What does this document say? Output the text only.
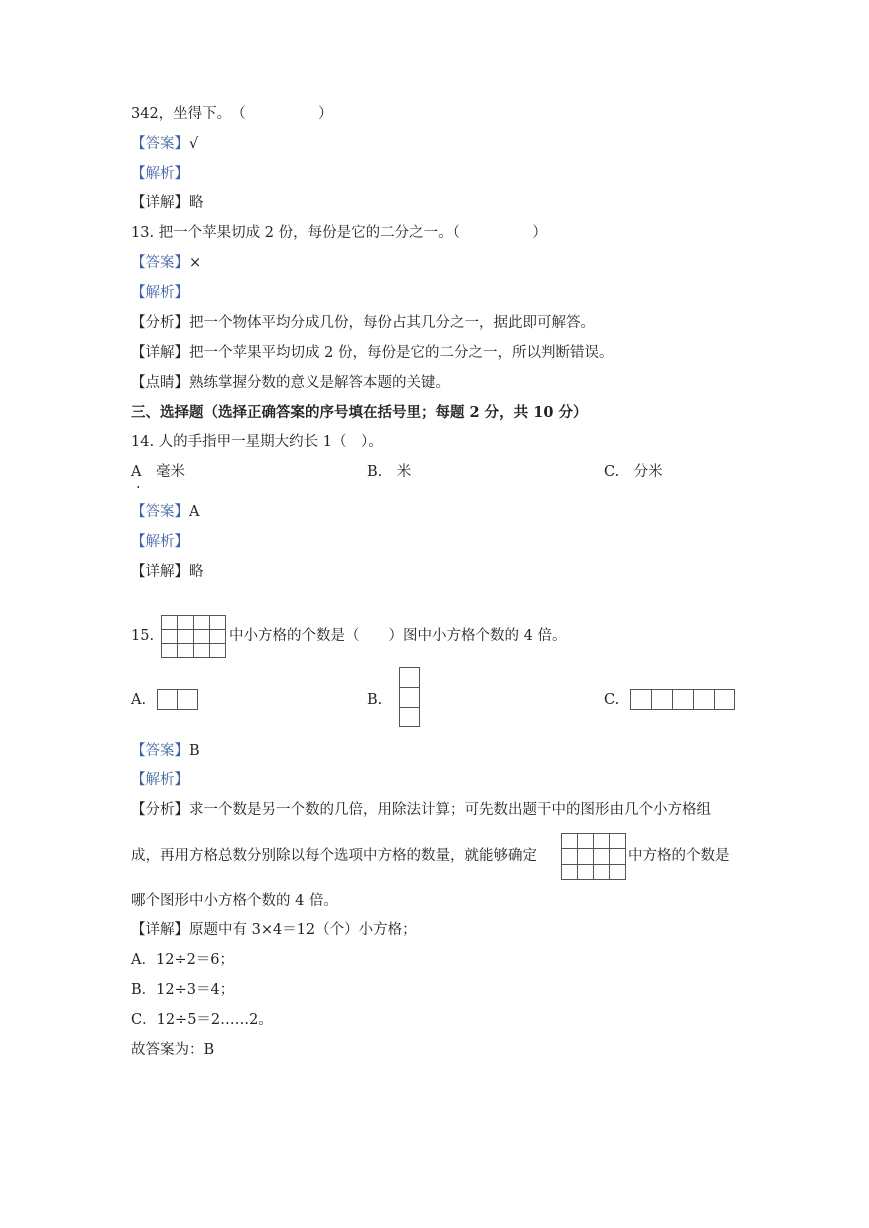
342，坐得下。　（　　　　　）
【答案】√
【解析】
【详解】略
13. 把一个苹果切成 2 份，每份是它的二分之一。（　　　　　）
【答案】×
【解析】
【分析】把一个物体平均分成几份，每份占其几分之一，据此即可解答。
【详解】把一个苹果平均切成 2 份，每份是它的二分之一，所以判断错误。
【点睛】熟练掌握分数的意义是解答本题的关键。
三、选择题（选择正确答案的序号填在括号里；每题 2 分，共 10 分）
14. 人的手指甲一星期大约长 1（　）。
A　毫米
．
B.　米	C.　分米
【答案】A
【解析】
【详解】略
15.	中小方格的个数是（　　）图中小方格个数的 4 倍。
A.	B.	C.
【答案】B
【解析】
【分析】求一个数是另一个数的几倍，用除法计算；可先数出题干中的图形由几个小方格组
成，再用方格总数分别除以每个选项中方格的数量，就能够确定	中方格的个数是
哪个图形中小方格个数的 4 倍。
【详解】原题中有 3×4＝12（个）小方格；
A．12÷2＝6；
B．12÷3＝4；
C．12÷5＝2……2。
故答案为：B
